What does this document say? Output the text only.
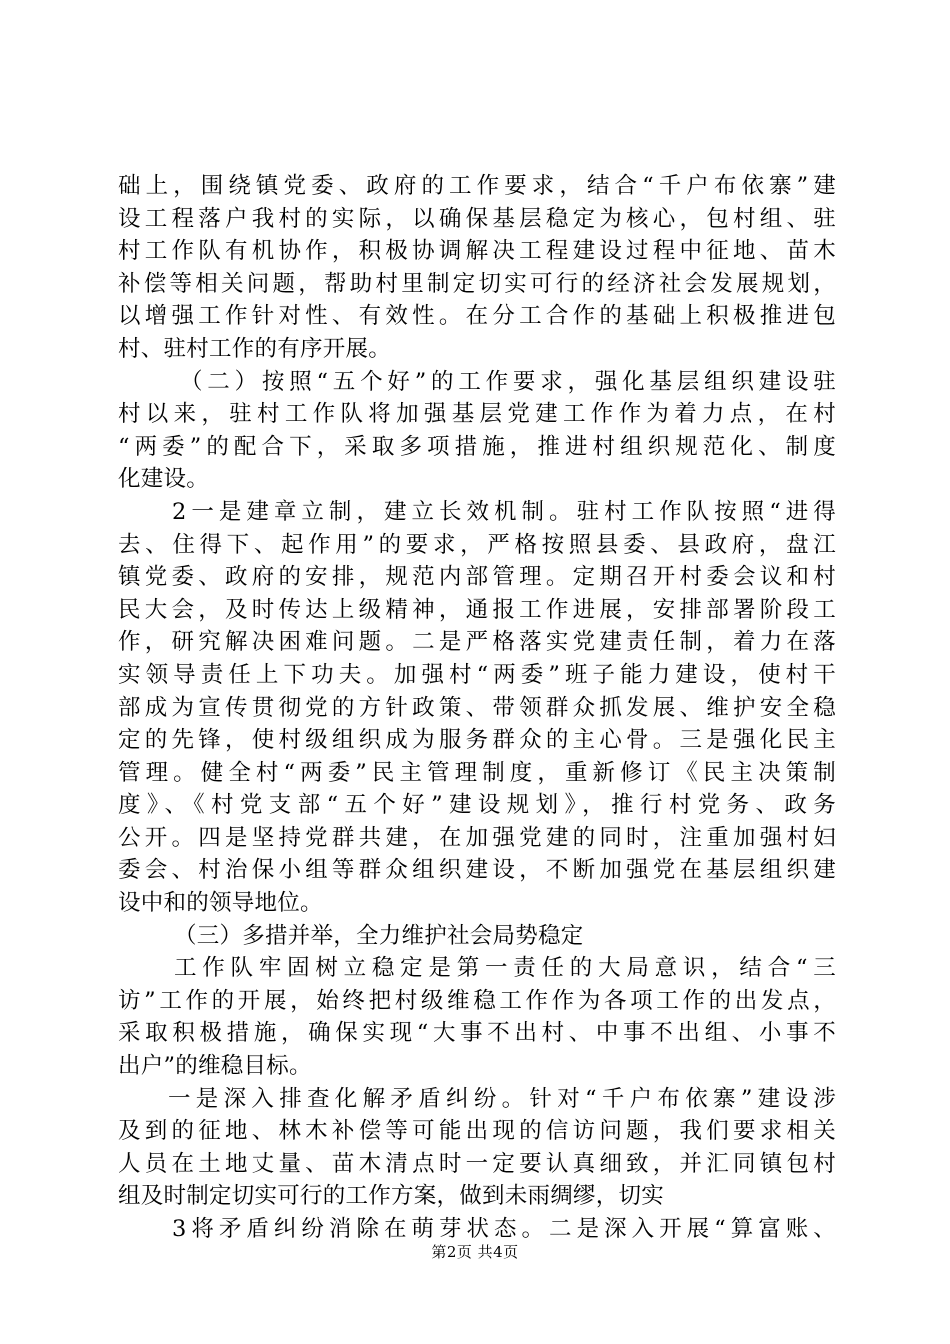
础上，围绕镇党委、政府的工作要求，结合“千户布依寨”建
设工程落户我村的实际，以确保基层稳定为核心，包村组、驻
村工作队有机协作，积极协调解决工程建设过程中征地、苗木
补偿等相关问题，帮助村里制定切实可行的经济社会发展规划，
以增强工作针对性、有效性。在分工合作的基础上积极推进包
村、驻村工作的有序开展。
（二）按照“五个好”的工作要求，强化基层组织建设驻
村以来，驻村工作队将加强基层党建工作作为着力点，在村
“两委”的配合下，采取多项措施，推进村组织规范化、制度
化建设。
2一是建章立制，建立长效机制。驻村工作队按照“进得
去、住得下、起作用”的要求，严格按照县委、县政府，盘江
镇党委、政府的安排，规范内部管理。定期召开村委会议和村
民大会，及时传达上级精神，通报工作进展，安排部署阶段工
作，研究解决困难问题。二是严格落实党建责任制，着力在落
实领导责任上下功夫。加强村“两委”班子能力建设，使村干
部成为宣传贯彻党的方针政策、带领群众抓发展、维护安全稳
定的先锋，使村级组织成为服务群众的主心骨。三是强化民主
管理。健全村“两委”民主管理制度，重新修订《民主决策制
度》、《村党支部“五个好”建设规划》，推行村党务、政务
公开。四是坚持党群共建，在加强党建的同时，注重加强村妇
委会、村治保小组等群众组织建设，不断加强党在基层组织建
设中和的领导地位。
（三）多措并举，全力维护社会局势稳定
工作队牢固树立稳定是第一责任的大局意识，结合“三
访”工作的开展，始终把村级维稳工作作为各项工作的出发点，
采取积极措施，确保实现“大事不出村、中事不出组、小事不
出户”的维稳目标。
一是深入排查化解矛盾纠纷。针对“千户布依寨”建设涉
及到的征地、林木补偿等可能出现的信访问题，我们要求相关
人员在土地丈量、苗木清点时一定要认真细致，并汇同镇包村
组及时制定切实可行的工作方案，做到未雨绸缪，切实
3将矛盾纠纷消除在萌芽状态。二是深入开展“算富账、
第2页 共4页
